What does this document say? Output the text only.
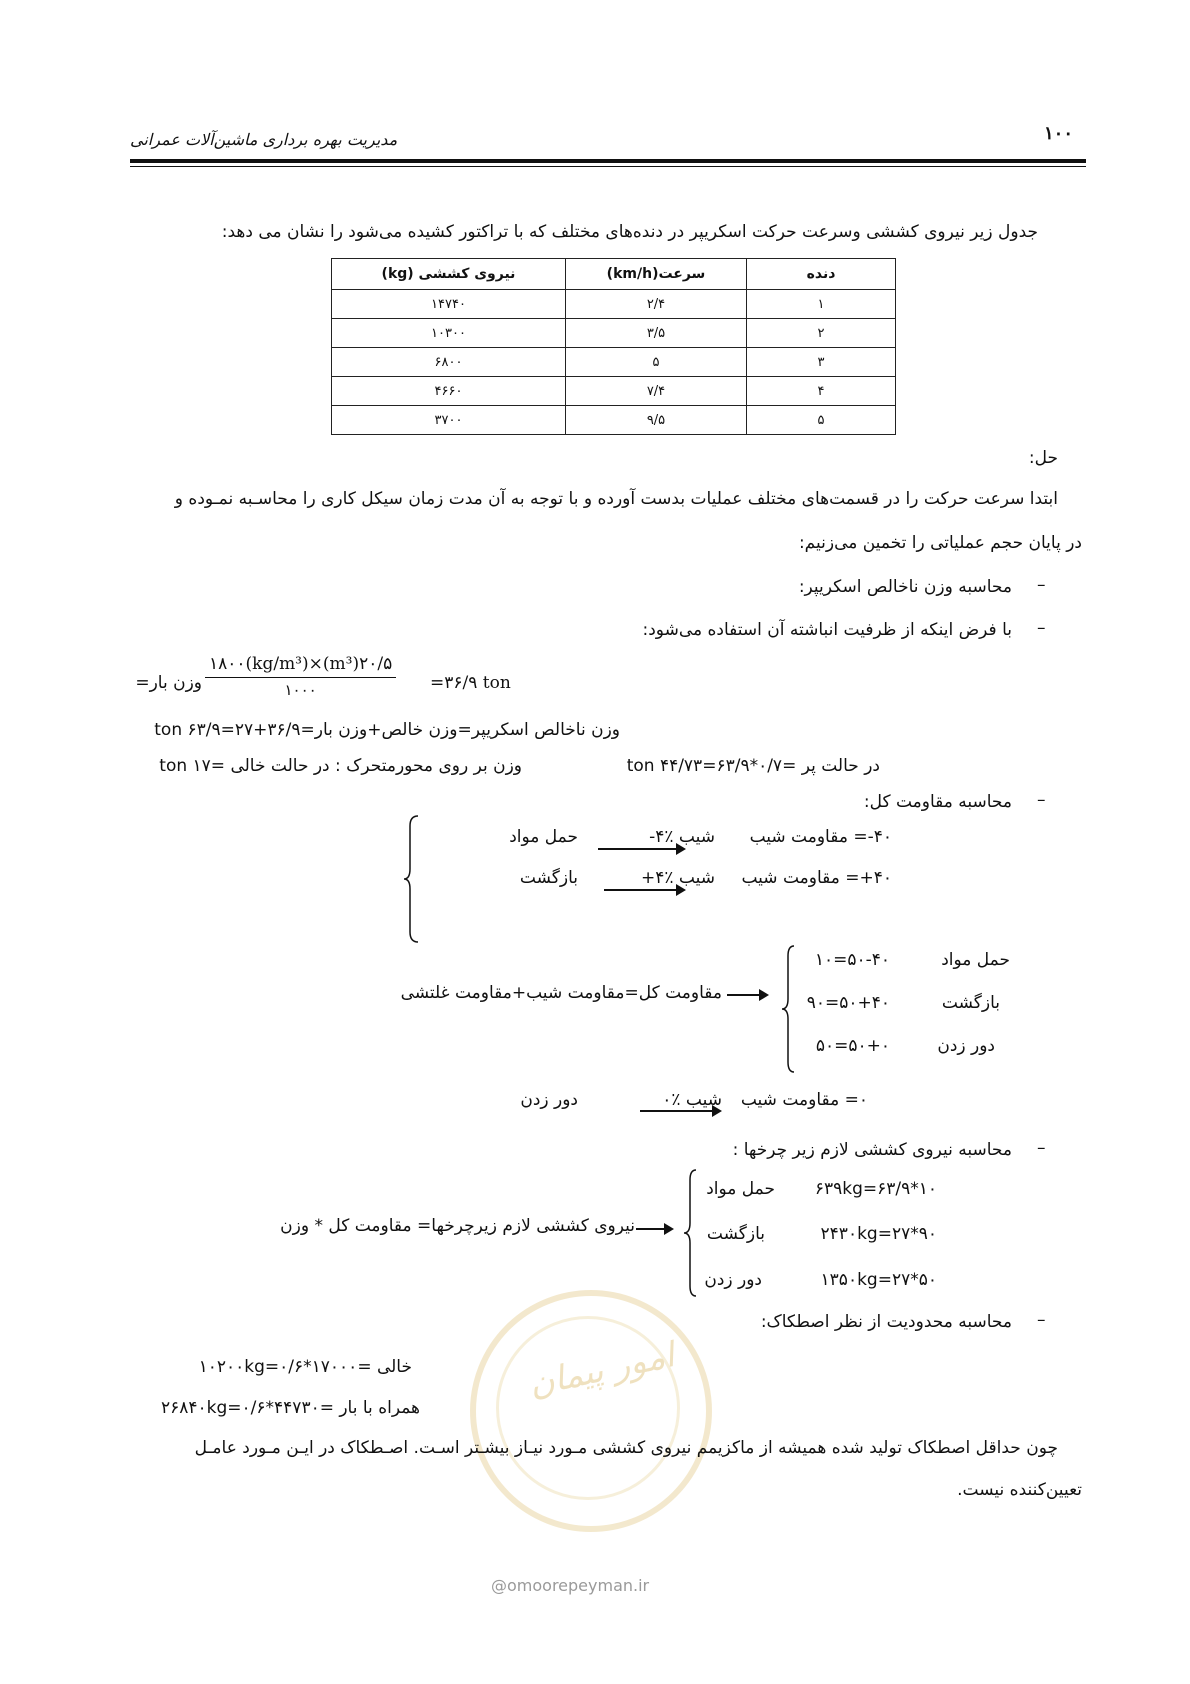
مدیریت بهره برداری ماشین‌آلات عمرانی	۱۰۰
جدول زیر نیروی کششی وسرعت حرکت اسکریپر در دنده‌های مختلف که با تراکتور کشیده می‌شود را نشان می دهد:
دنده	سرعت(km/h)	نیروی کششی (kg)
۱	۲/۴	۱۴۷۴۰
۲	۳/۵	۱۰۳۰۰
۳	۵	۶۸۰۰
۴	۷/۴	۴۶۶۰
۵	۹/۵	۳۷۰۰
حل:
ابتدا سرعت حرکت را در قسمت‌های مختلف عملیات بدست آورده و با توجه به آن مدت زمان سیکل کاری را محاسـبه نمـوده و
در پایان حجم عملیاتی را تخمین می‌زنیم:
–
محاسبه وزن ناخالص اسکریپر:
–
با فرض اینکه از ظرفیت انباشته آن استفاده می‌شود:
وزن بار=
۲۰/۵(m³)×۱۸۰۰(kg/m³)
۱۰۰۰	=۳۶/۹ ton
وزن ناخالص اسکریپر=وزن خالص+وزن بار=۳۶/۹+۲۷=۶۳/۹ ton
در حالت پر =۰/۷*۶۳/۹=۴۴/۷۳ ton
وزن بر روی محورمتحرک : در حالت خالی =۱۷ ton
–
محاسبه مقاومت کل:
۴۰-= مقاومت شیب
شیب ٪۴-
حمل مواد
۴۰+= مقاومت شیب
شیب ٪۴+
بازگشت
مقاومت کل=مقاومت شیب+مقاومت غلتشی
۵۰-۴۰=۱۰	حمل مواد
بازگشت
۵۰+۴۰=۹۰
دور زدن
۵۰+۰=۵۰
۰= مقاومت شیب
شیب ٪۰
دور زدن
–
محاسبه نیروی کششی لازم زیر چرخها :
نیروی کششی لازم زیرچرخها= مقاومت کل * وزن
حمل مواد ۱۰*۶۳/۹=۶۳۹kg
بازگشت	۹۰*۲۷=۲۴۳۰kg
دور زدن	۵۰*۲۷=۱۳۵۰kg
–
محاسبه محدودیت از نظر اصطکاک:
امور پیمان
خالی =۱۷۰۰۰*۰/۶=۱۰۲۰۰kg
همراه با بار =۴۴۷۳۰*۰/۶=۲۶۸۴۰kg
چون حداقل اصطکاک تولید شده همیشه از ماکزیمم نیروی کششی مـورد نیـاز بیشـتر اسـت. اصـطکاک در ایـن مـورد عامـل
تعیین‌کننده نیست.
@omoorepeyman.ir
